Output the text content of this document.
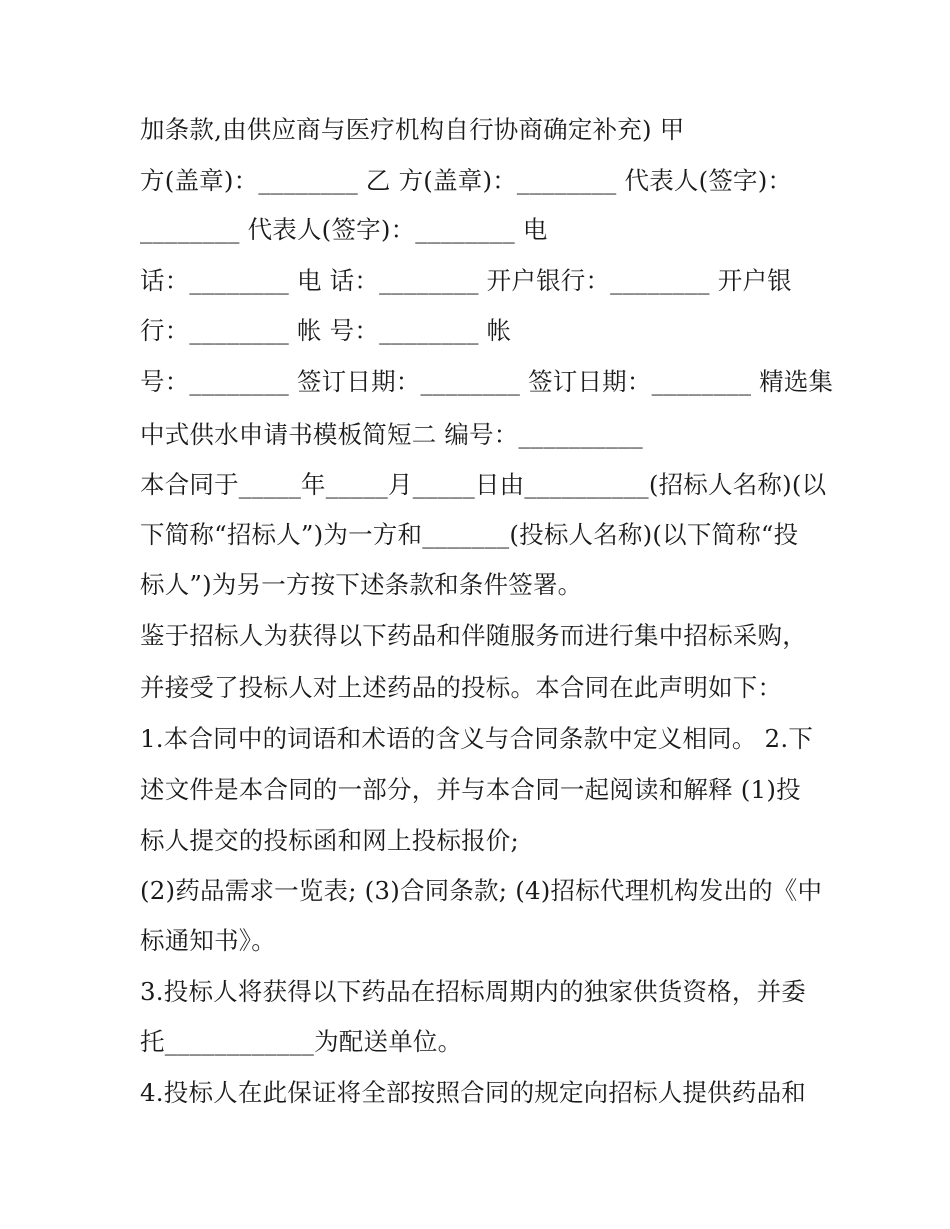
加条款,由供应商与医疗机构自行协商确定补充) 甲
方(盖章)：________ 乙 方(盖章)：________ 代表人(签字)：
________ 代表人(签字)：________ 电
话：________ 电 话：________ 开户银行：________ 开户银
行：________ 帐 号：________ 帐
号：________ 签订日期：________ 签订日期：________ 精选集
中式供水申请书模板简短二 编号：__________
本合同于_____年_____月_____日由__________(招标人名称)(以
下简称“招标人”)为一方和_______(投标人名称)(以下简称“投
标人”)为另一方按下述条款和条件签署。
鉴于招标人为获得以下药品和伴随服务而进行集中招标采购，
并接受了投标人对上述药品的投标。本合同在此声明如下：
1.本合同中的词语和术语的含义与合同条款中定义相同。 2.下
述文件是本合同的一部分，并与本合同一起阅读和解释 (1)投
标人提交的投标函和网上投标报价;
(2)药品需求一览表; (3)合同条款; (4)招标代理机构发出的《中
标通知书》。
3.投标人将获得以下药品在招标周期内的独家供货资格，并委
托____________为配送单位。
4.投标人在此保证将全部按照合同的规定向招标人提供药品和
